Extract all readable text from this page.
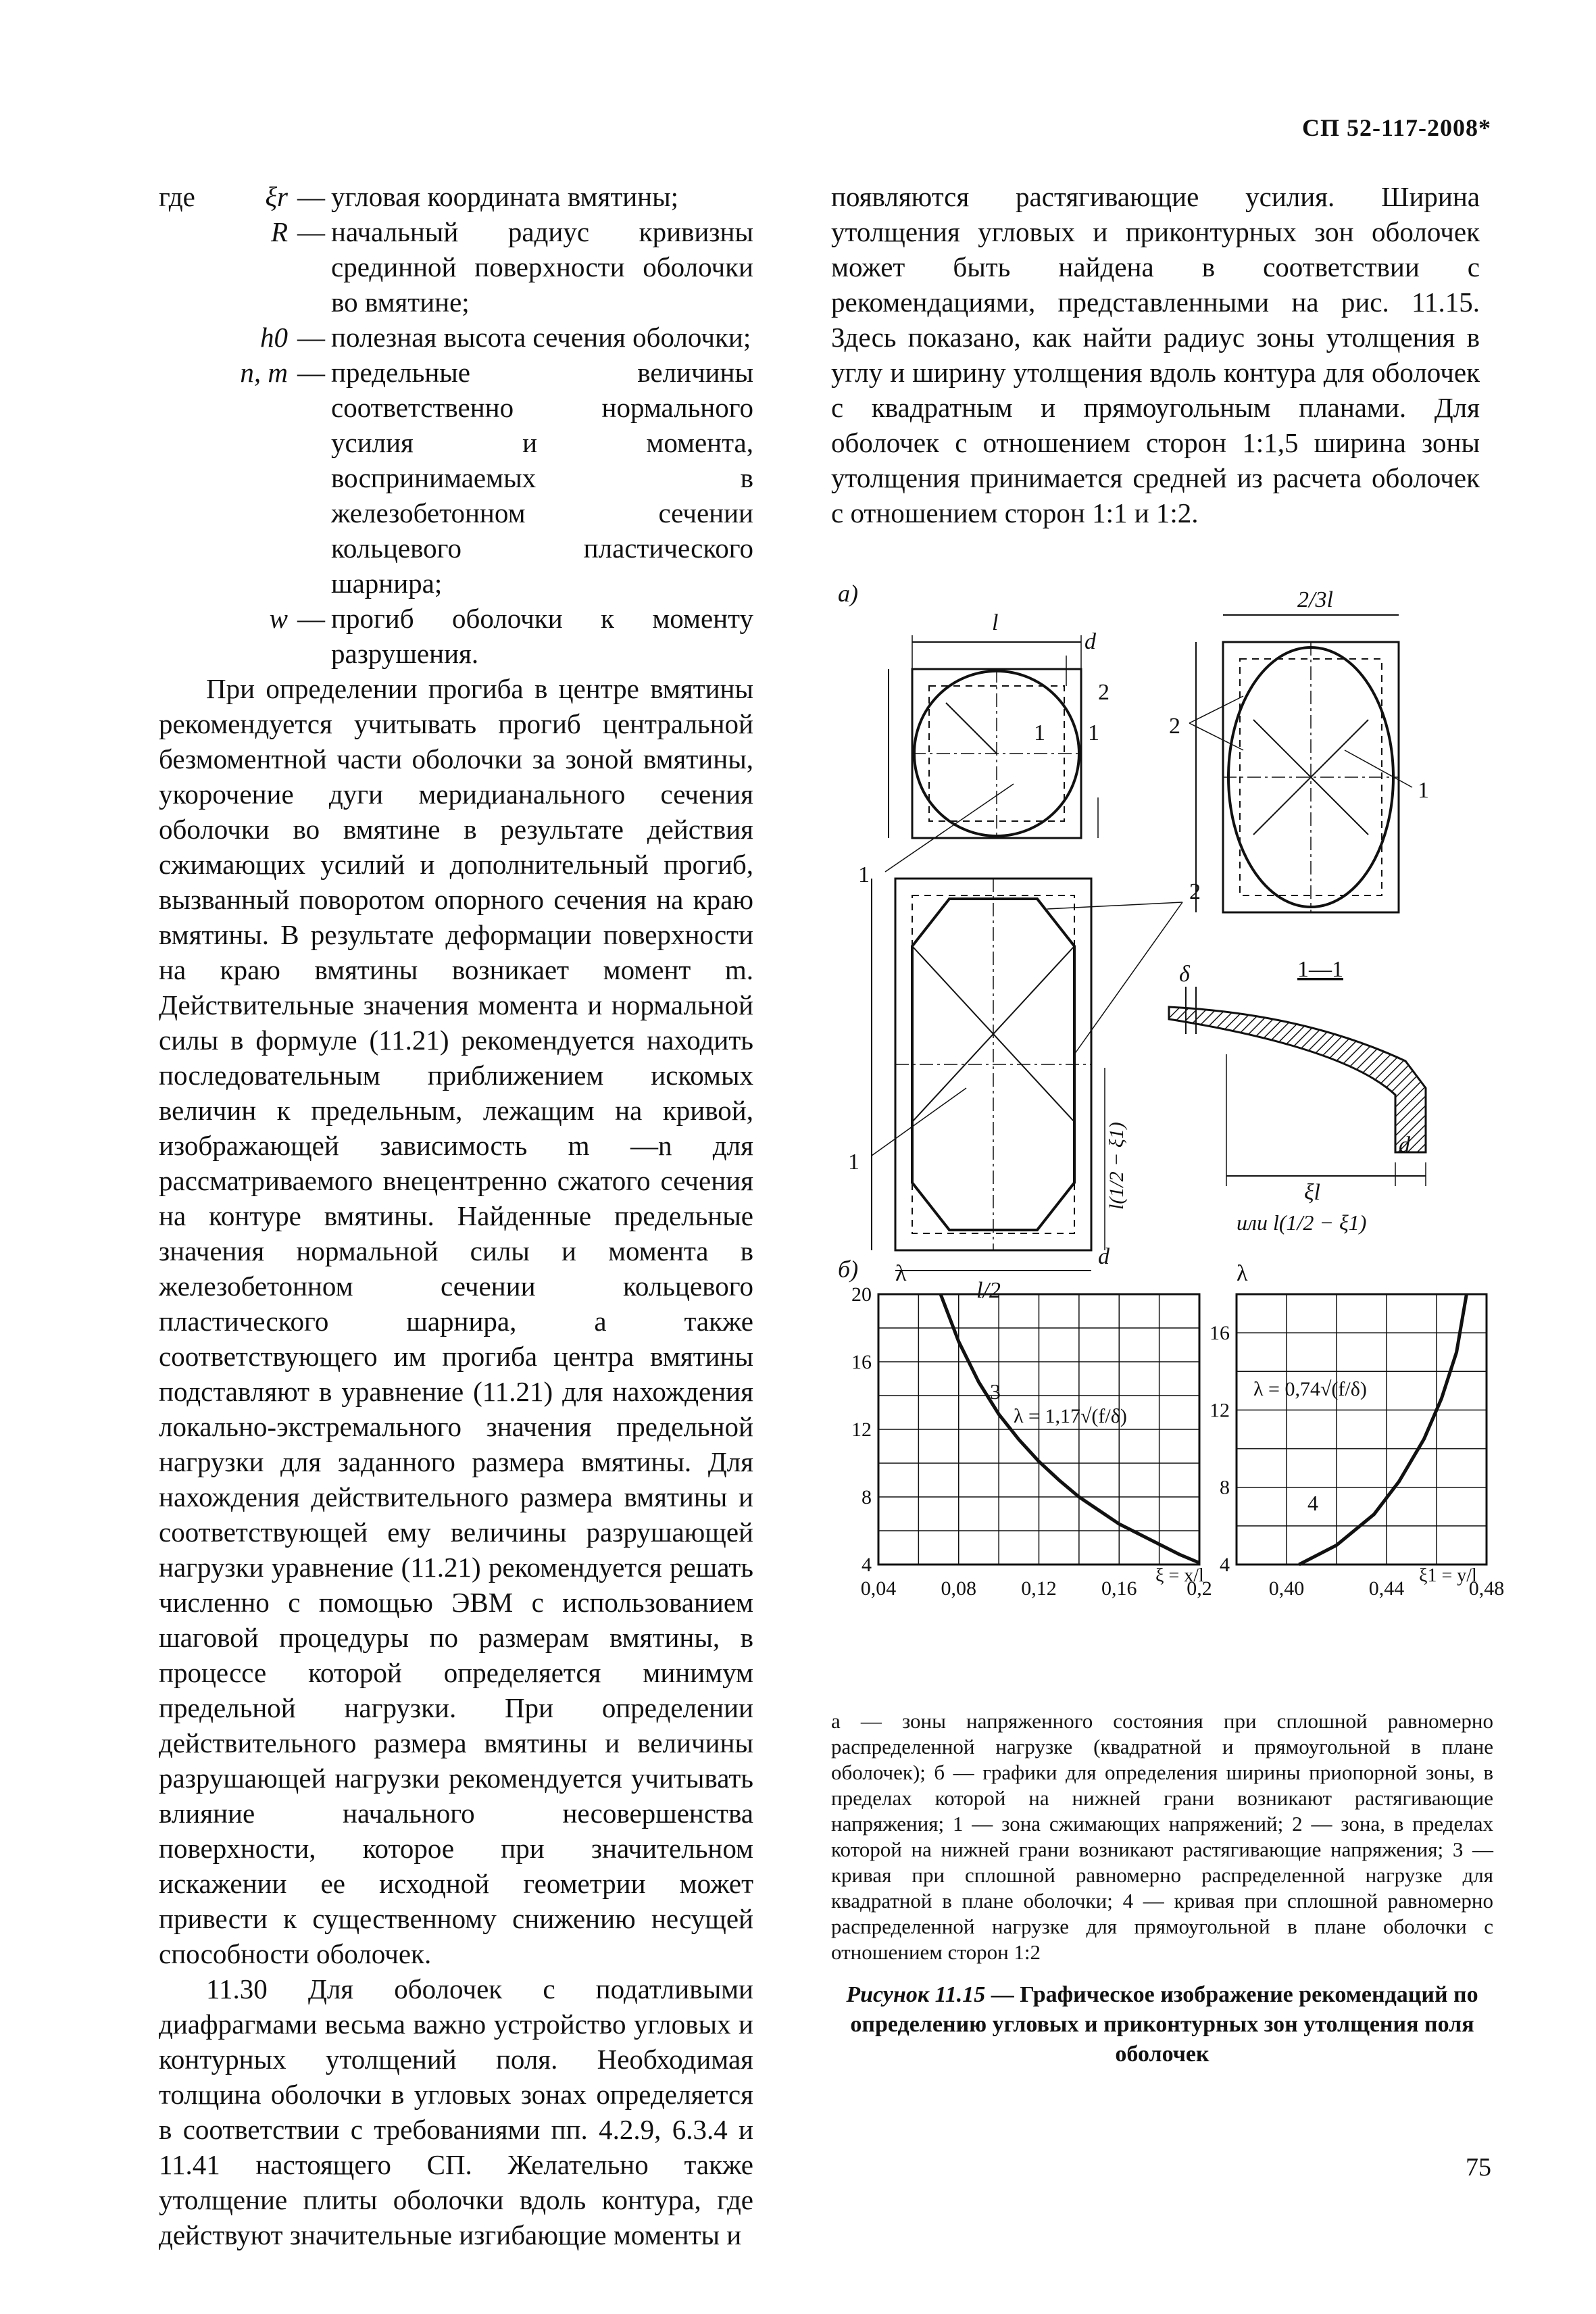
СП 52-117-2008*
где	ξr — угловая координата вмятины;
R — начальный радиус кривизны срединной поверхности оболочки во вмятине;
h0 — полезная высота сечения оболочки;
n, m — предельные величины соответственно нормального усилия и момента, воспринимаемых в железобетонном сечении кольцевого пластического шарнира;
w — прогиб оболочки к моменту разрушения.

При определении прогиба в центре вмятины рекомендуется учитывать прогиб центральной безмоментной части оболочки за зоной вмятины, укорочение дуги меридианального сечения оболочки во вмятине в результате действия сжимающих усилий и дополнительный прогиб, вызванный поворотом опорного сечения на краю вмятины. В результате деформации поверхности на краю вмятины возникает момент m. Действительные значения момента и нормальной силы в формуле (11.21) рекомендуется находить последовательным приближением искомых величин к предельным, лежащим на кривой, изображающей зависимость m —n для рассматриваемого внецентренно сжатого сечения на контуре вмятины. Найденные предельные значения нормальной силы и момента в железобетонном сечении кольцевого пластического шарнира, а также соответствующего им прогиба центра вмятины подставляют в уравнение (11.21) для нахождения локально-экстремального значения предельной нагрузки для заданного размера вмятины. Для нахождения действительного размера вмятины и соответствующей ему величины разрушающей нагрузки уравнение (11.21) рекомендуется решать численно с помощью ЭВМ с использованием шаговой процедуры по размерам вмятины, в процессе которой определяется минимум предельной нагрузки. При определении действительного размера вмятины и величины разрушающей нагрузки рекомендуется учитывать влияние начального несовершенства поверхности, которое при значительном искажении ее исходной геометрии может привести к существенному снижению несущей способности оболочек.

11.30 Для оболочек с податливыми диафрагмами весьма важно устройство угловых и контурных утолщений поля. Необходимая толщина оболочки в угловых зонах определяется в соответствии с требованиями пп. 4.2.9, 6.3.4 и 11.41 настоящего СП. Желательно также утолщение плиты оболочки вдоль контура, где действуют значительные изгибающие моменты и

появляются растягивающие усилия. Ширина утолщения угловых и приконтурных зон оболочек может быть найдена в соответствии с рекомендациями, представленными на рис. 11.15. Здесь показано, как найти радиус зоны утолщения в углу и ширину утолщения вдоль контура для оболочек с квадратным и прямоугольным планами. Для оболочек с отношением сторон 1:1,5 ширина зоны утолщения принимается средней из расчета оболочек с отношением сторон 1:1 и 1:2.

а)
l
d
2
1 1
1
2/3l
2
1
2
1
l/2
d
l(1/2 − ξ1)
1—1
δ
d
ξl
или l(1/2 − ξ1)
б) λ	λ
0,04 0,08 0,12 0,16 0,2
4
8
12
16
20
0,40	0,44	0,48
4
8
12
16
λ = 1,17√(f/δ)
λ = 0,74√(f/δ)
3
4
ξ = x/l	ξ1 = y/l
а — зоны напряженного состояния при сплошной равномерно распределенной нагрузке (квадратной и прямоугольной в плане оболочек); б — графики для определения ширины приопорной зоны, в пределах которой на нижней грани возникают растягивающие напряжения; 1 — зона сжимающих напряжений; 2 — зона, в пределах которой на нижней грани возникают растягивающие напряжения; 3 — кривая при сплошной равномерно распределенной нагрузке для квадратной в плане оболочки; 4 — кривая при сплошной равномерно распределенной нагрузке для прямоугольной в плане оболочки с отношением сторон 1:2
Рисунок 11.15 — Графическое изображение рекомендаций по определению угловых и приконтурных зон утолщения поля оболочек
75
